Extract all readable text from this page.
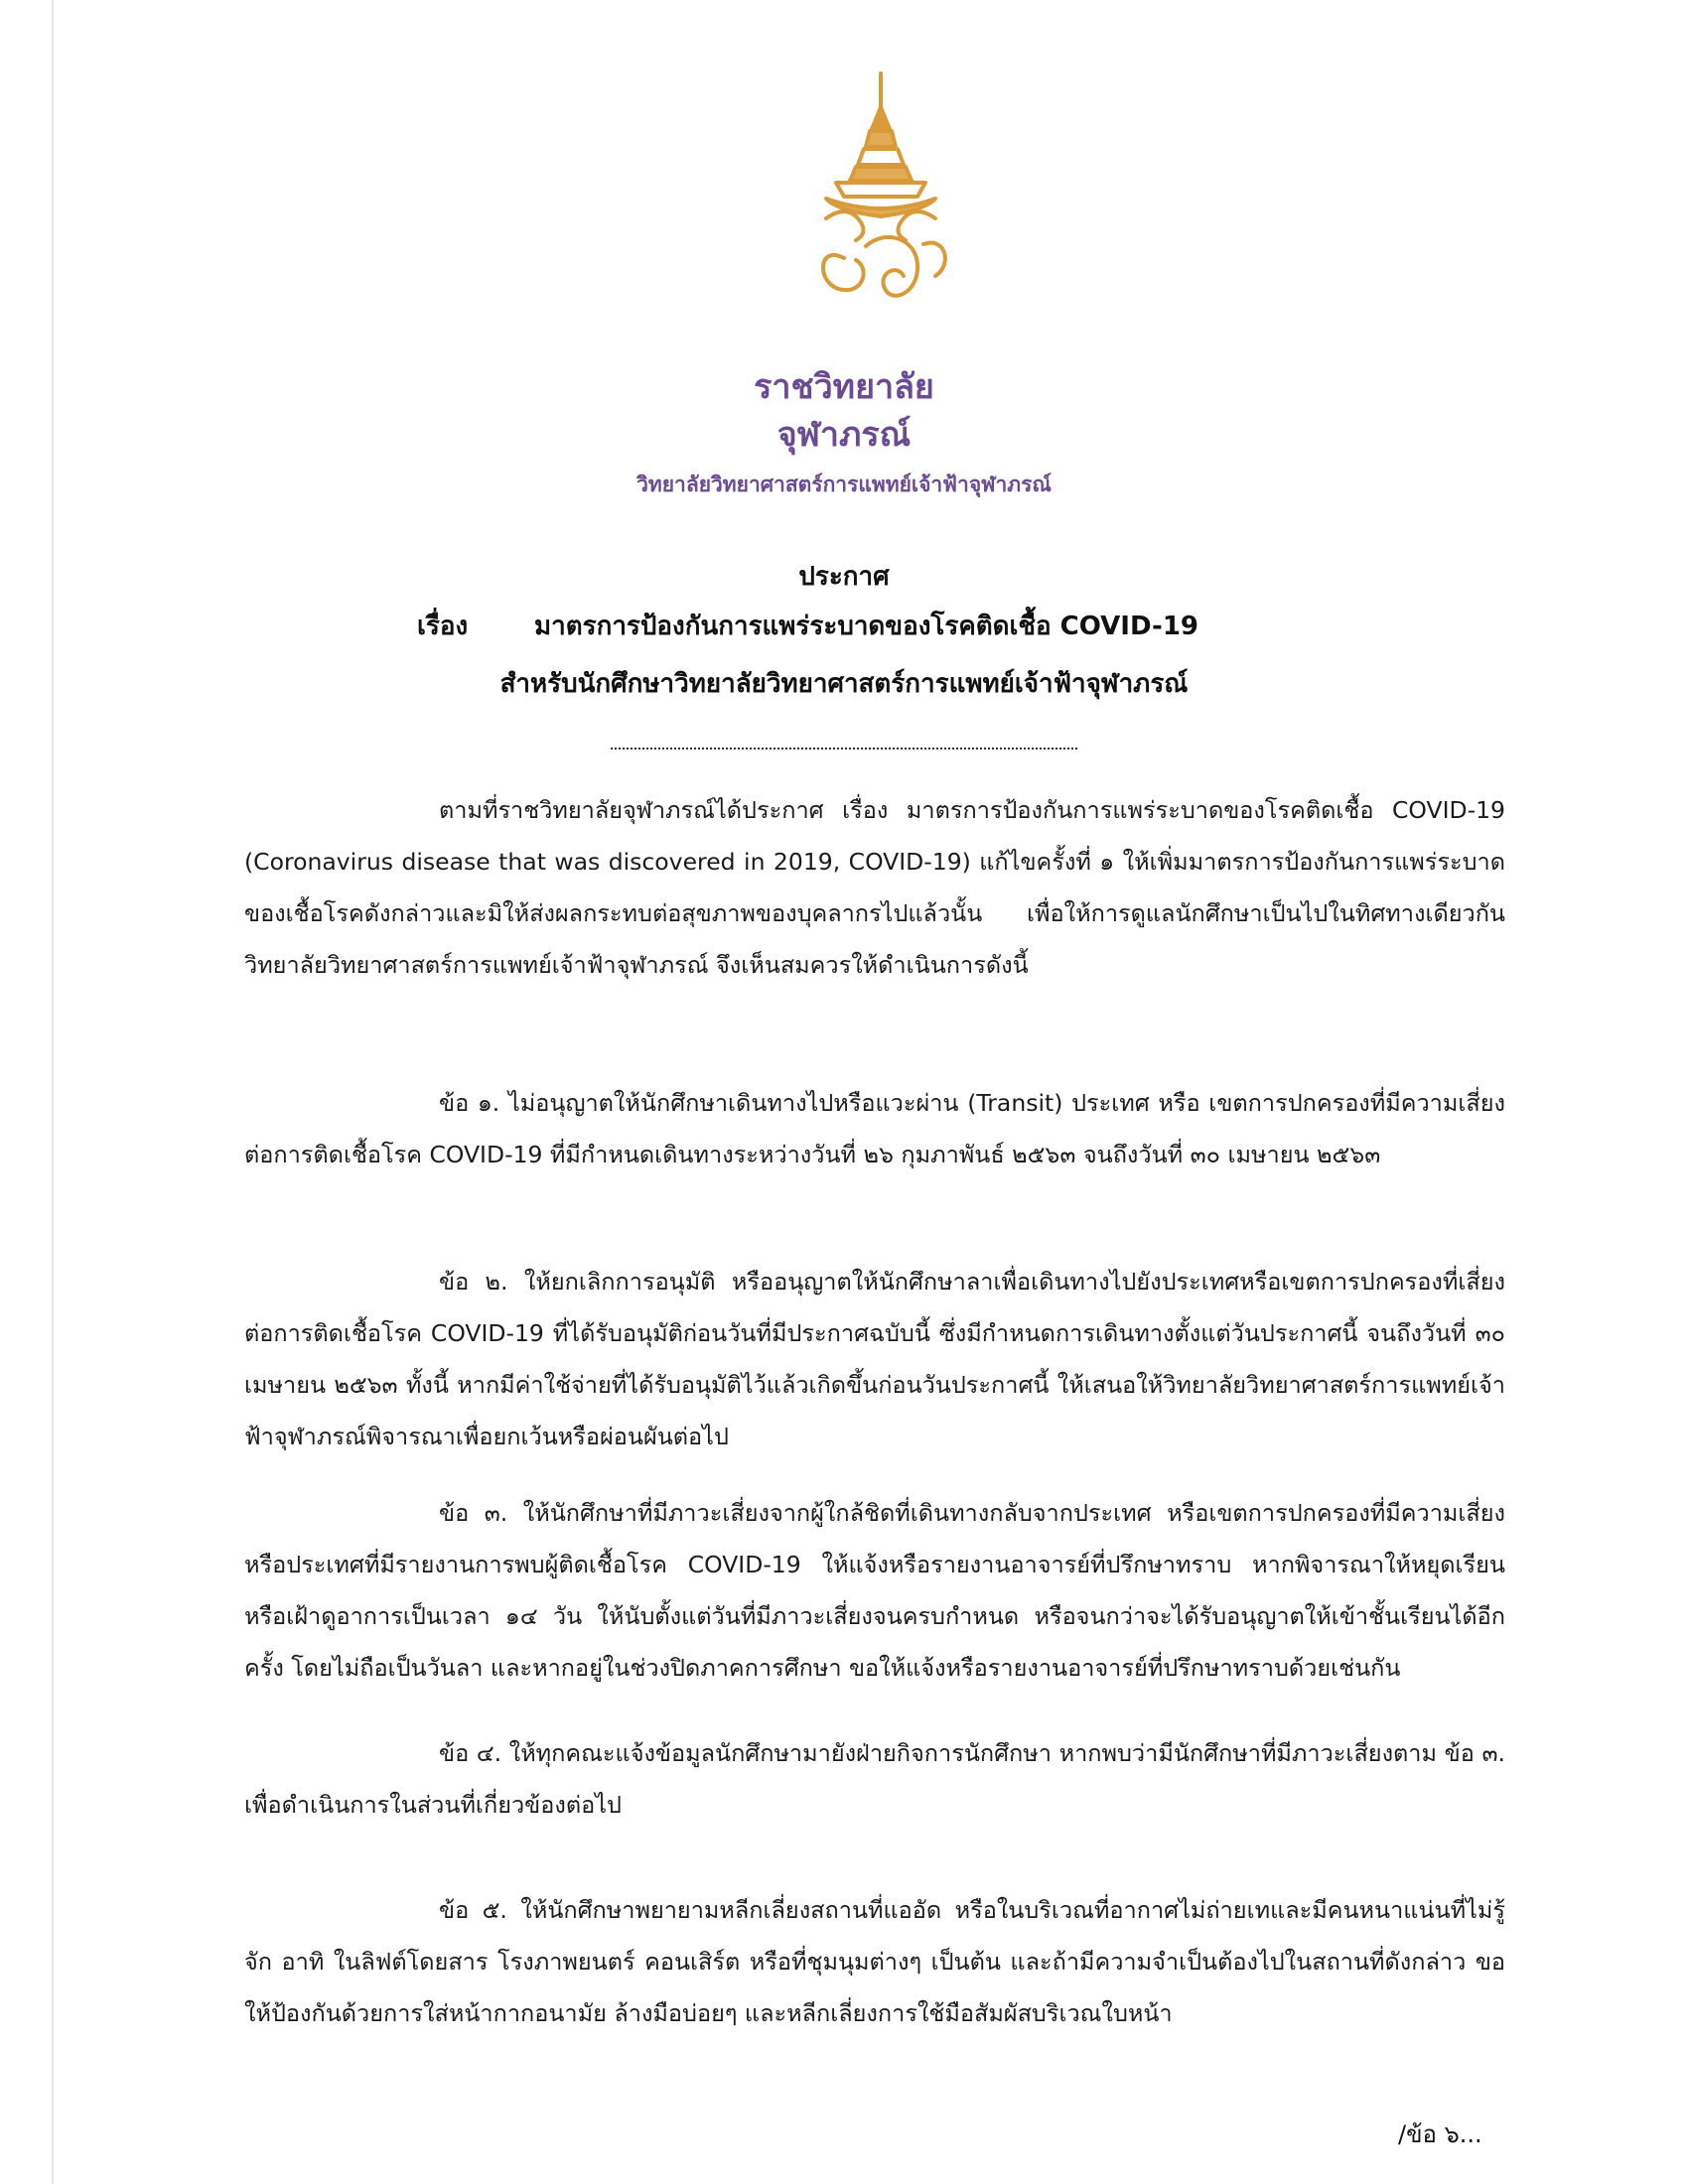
ราชวิทยาลัย
จุฬาภรณ์
วิทยาลัยวิทยาศาสตร์การแพทย์เจ้าฟ้าจุฬาภรณ์
ประกาศ
เรื่อง	มาตรการป้องกันการแพร่ระบาดของโรคติดเชื้อ COVID-19
สำหรับนักศึกษาวิทยาลัยวิทยาศาสตร์การแพทย์เจ้าฟ้าจุฬาภรณ์

ตามที่ราชวิทยาลัยจุฬาภรณ์ได้ประกาศ เรื่อง มาตรการป้องกันการแพร่ระบาดของโรคติดเชื้อ COVID-19 (Coronavirus disease that was discovered in 2019, COVID-19) แก้ไขครั้งที่ ๑ ให้เพิ่มมาตรการป้องกันการแพร่ระบาดของเชื้อโรคดังกล่าวและมิให้ส่งผลกระทบต่อสุขภาพของบุคลากรไปแล้วนั้น เพื่อให้การดูแลนักศึกษาเป็นไปในทิศทางเดียวกัน วิทยาลัยวิทยาศาสตร์การแพทย์เจ้าฟ้าจุฬาภรณ์ จึงเห็นสมควรให้ดำเนินการดังนี้

ข้อ ๑. ไม่อนุญาตให้นักศึกษาเดินทางไปหรือแวะผ่าน (Transit) ประเทศ หรือ เขตการปกครองที่มีความเสี่ยงต่อการติดเชื้อโรค COVID-19 ที่มีกำหนดเดินทางระหว่างวันที่ ๒๖ กุมภาพันธ์ ๒๕๖๓ จนถึงวันที่ ๓๐ เมษายน ๒๕๖๓

ข้อ ๒. ให้ยกเลิกการอนุมัติ หรืออนุญาตให้นักศึกษาลาเพื่อเดินทางไปยังประเทศหรือเขตการปกครองที่เสี่ยงต่อการติดเชื้อโรค COVID-19 ที่ได้รับอนุมัติก่อนวันที่มีประกาศฉบับนี้ ซึ่งมีกำหนดการเดินทางตั้งแต่วันประกาศนี้ จนถึงวันที่ ๓๐ เมษายน ๒๕๖๓ ทั้งนี้ หากมีค่าใช้จ่ายที่ได้รับอนุมัติไว้แล้วเกิดขึ้นก่อนวันประกาศนี้ ให้เสนอให้วิทยาลัยวิทยาศาสตร์การแพทย์เจ้าฟ้าจุฬาภรณ์พิจารณาเพื่อยกเว้นหรือผ่อนผันต่อไป

ข้อ ๓. ให้นักศึกษาที่มีภาวะเสี่ยงจากผู้ใกล้ชิดที่เดินทางกลับจากประเทศ หรือเขตการปกครองที่มีความเสี่ยง หรือประเทศที่มีรายงานการพบผู้ติดเชื้อโรค COVID-19 ให้แจ้งหรือรายงานอาจารย์ที่ปรึกษาทราบ หากพิจารณาให้หยุดเรียนหรือเฝ้าดูอาการเป็นเวลา ๑๔ วัน ให้นับตั้งแต่วันที่มีภาวะเสี่ยงจนครบกำหนด หรือจนกว่าจะได้รับอนุญาตให้เข้าชั้นเรียนได้อีกครั้ง โดยไม่ถือเป็นวันลา และหากอยู่ในช่วงปิดภาคการศึกษา ขอให้แจ้งหรือรายงานอาจารย์ที่ปรึกษาทราบด้วยเช่นกัน

ข้อ ๔. ให้ทุกคณะแจ้งข้อมูลนักศึกษามายังฝ่ายกิจการนักศึกษา หากพบว่ามีนักศึกษาที่มีภาวะเสี่ยงตาม ข้อ ๓. เพื่อดำเนินการในส่วนที่เกี่ยวข้องต่อไป

ข้อ ๕. ให้นักศึกษาพยายามหลีกเลี่ยงสถานที่แออัด หรือในบริเวณที่อากาศไม่ถ่ายเทและมีคนหนาแน่นที่ไม่รู้จัก อาทิ ในลิฟต์โดยสาร โรงภาพยนตร์ คอนเสิร์ต หรือที่ชุมนุมต่างๆ เป็นต้น และถ้ามีความจำเป็นต้องไปในสถานที่ดังกล่าว ขอให้ป้องกันด้วยการใส่หน้ากากอนามัย ล้างมือบ่อยๆ และหลีกเลี่ยงการใช้มือสัมผัสบริเวณใบหน้า

/ข้อ ๖...
